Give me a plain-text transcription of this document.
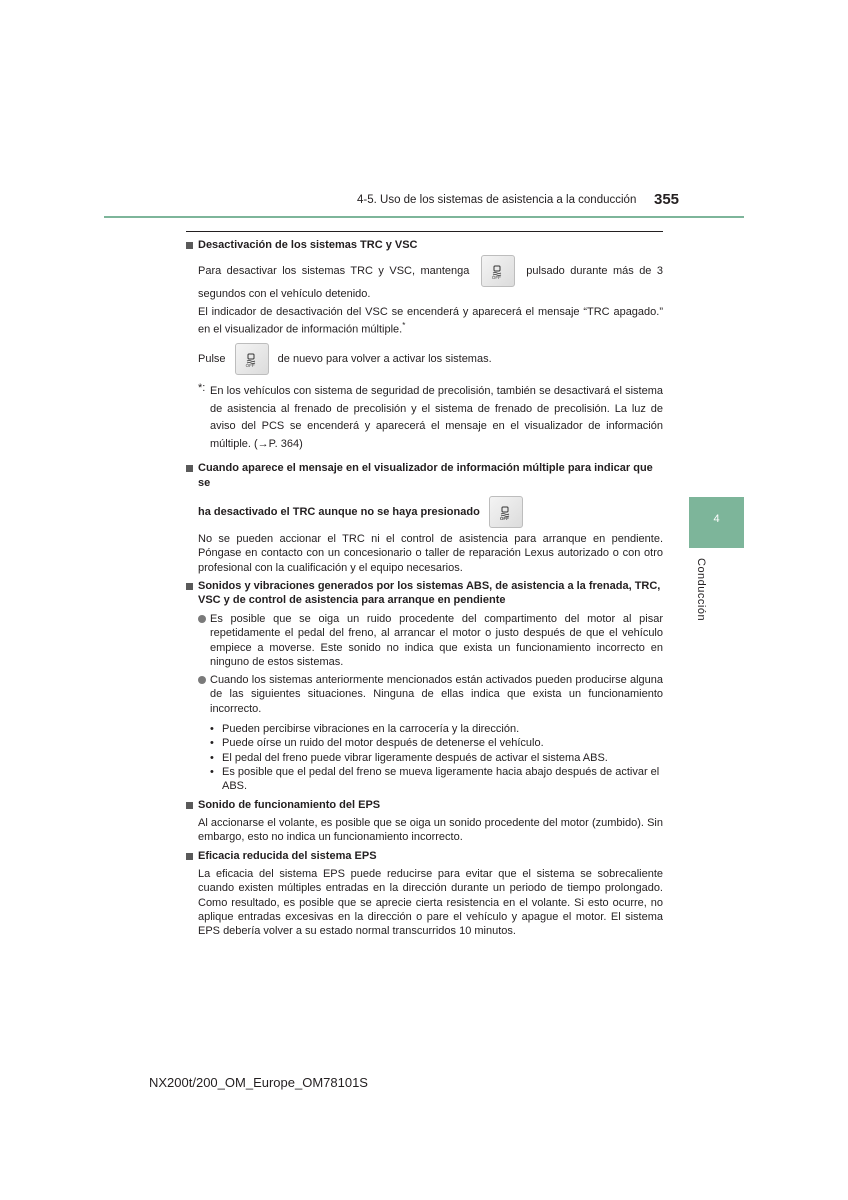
4-5. Uso de los sistemas de asistencia a la conducción 355
4
Conducción
Desactivación de los sistemas TRC y VSC
Para desactivar los sistemas TRC y VSC, mantenga
OFF
pulsado durante más de 3 segundos con el vehículo detenido.
El indicador de desactivación del VSC se encenderá y aparecerá el mensaje “TRC apagado.” en el visualizador de información múltiple.*
Pulse
OFF
de nuevo para volver a activar los sistemas.
*: En los vehículos con sistema de seguridad de precolisión, también se desactivará el sistema de asistencia al frenado de precolisión y el sistema de frenado de precolisión. La luz de aviso del PCS se encenderá y aparecerá el mensaje en el visualizador de información múltiple. (→P. 364)
Cuando aparece el mensaje en el visualizador de información múltiple para indicar que se
ha desactivado el TRC aunque no se haya presionado
OFF
No se pueden accionar el TRC ni el control de asistencia para arranque en pendiente. Póngase en contacto con un concesionario o taller de reparación Lexus autorizado o con otro profesional con la cualificación y el equipo necesarios.
Sonidos y vibraciones generados por los sistemas ABS, de asistencia a la frenada, TRC, VSC y de control de asistencia para arranque en pendiente
Es posible que se oiga un ruido procedente del compartimento del motor al pisar repetidamente el pedal del freno, al arrancar el motor o justo después de que el vehículo empiece a moverse. Este sonido no indica que exista un funcionamiento incorrecto en ninguno de estos sistemas.
Cuando los sistemas anteriormente mencionados están activados pueden producirse alguna de las siguientes situaciones. Ninguna de ellas indica que exista un funcionamiento incorrecto.
• Pueden percibirse vibraciones en la carrocería y la dirección.
• Puede oírse un ruido del motor después de detenerse el vehículo.
• El pedal del freno puede vibrar ligeramente después de activar el sistema ABS.
• Es posible que el pedal del freno se mueva ligeramente hacia abajo después de activar el ABS.
Sonido de funcionamiento del EPS
Al accionarse el volante, es posible que se oiga un sonido procedente del motor (zumbido). Sin embargo, esto no indica un funcionamiento incorrecto.
Eficacia reducida del sistema EPS
La eficacia del sistema EPS puede reducirse para evitar que el sistema se sobrecaliente cuando existen múltiples entradas en la dirección durante un periodo de tiempo prolongado. Como resultado, es posible que se aprecie cierta resistencia en el volante. Si esto ocurre, no aplique entradas excesivas en la dirección o pare el vehículo y apague el motor. El sistema EPS debería volver a su estado normal transcurridos 10 minutos.
NX200t/200_OM_Europe_OM78101S
